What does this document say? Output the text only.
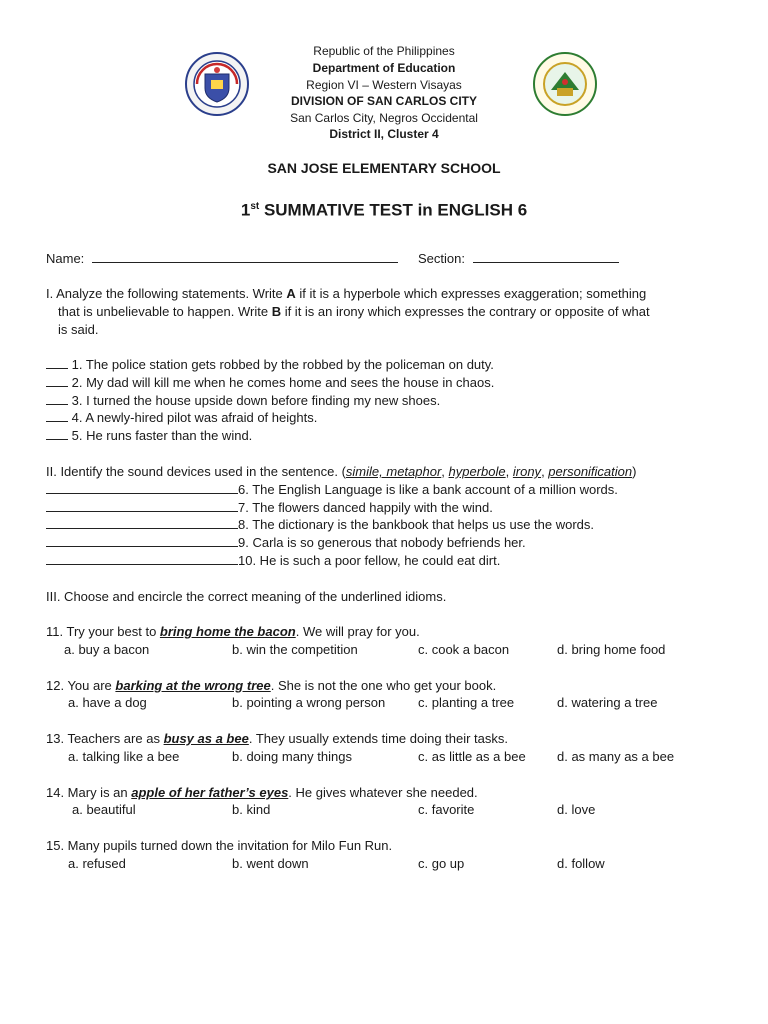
Republic of the Philippines
Department of Education
Region VI – Western Visayas
DIVISION OF SAN CARLOS CITY
San Carlos City, Negros Occidental
District II, Cluster 4
SAN JOSE ELEMENTARY SCHOOL
1st SUMMATIVE TEST in ENGLISH 6
Name:	Section:
I. Analyze the following statements. Write A if it is a hyperbole which expresses exaggeration; something
that is unbelievable to happen. Write B if it is an irony which expresses the contrary or opposite of what
is said.
1. The police station gets robbed by the robbed by the policeman on duty.
2. My dad will kill me when he comes home and sees the house in chaos.
3. I turned the house upside down before finding my new shoes.
4. A newly-hired pilot was afraid of heights.
5. He runs faster than the wind.
II. Identify the sound devices used in the sentence. (simile, metaphor, hyperbole, irony, personification)
6. The English Language is like a bank account of a million words.
7. The flowers danced happily with the wind.
8. The dictionary is the bankbook that helps us use the words.
9. Carla is so generous that nobody befriends her.
10. He is such a poor fellow, he could eat dirt.
III. Choose and encircle the correct meaning of the underlined idioms.
11. Try your best to bring home the bacon. We will pray for you.
a. buy a bacon	b. win the competition	c. cook a bacon	d. bring home food
12. You are barking at the wrong tree. She is not the one who get your book.
a. have a dog	b. pointing a wrong person	c. planting a tree	d. watering a tree
13. Teachers are as busy as a bee. They usually extends time doing their tasks.
a. talking like a bee	b. doing many things	c. as little as a bee d. as many as a bee
14. Mary is an apple of her father’s eyes. He gives whatever she needed.
a. beautiful	b. kind	c. favorite	d. love
15. Many pupils turned down the invitation for Milo Fun Run.
a. refused	b. went down	c. go up	d. follow
